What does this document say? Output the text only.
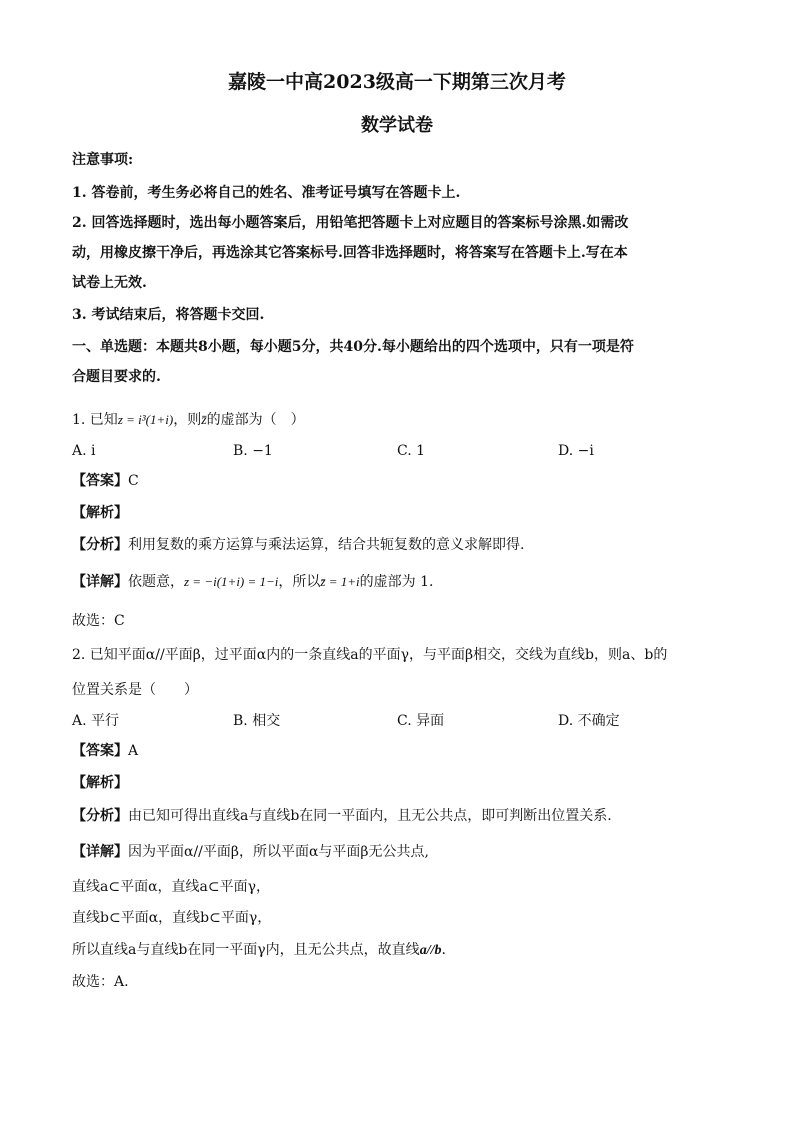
嘉陵一中高2023级高一下期第三次月考
数学试卷
注意事项:
1. 答卷前，考生务必将自己的姓名、准考证号填写在答题卡上.
2. 回答选择题时，选出每小题答案后，用铅笔把答题卡上对应题目的答案标号涂黑.如需改
动，用橡皮擦干净后，再选涂其它答案标号.回答非选择题时，将答案写在答题卡上.写在本
试卷上无效.
3. 考试结束后，将答题卡交回.
一、单选题：本题共8小题，每小题5分，共40分.每小题给出的四个选项中，只有一项是符
合题目要求的.
1. 已知z = i³(1+i)，则z̄的虚部为（　）
A. i	B. −1	C. 1	D. −i
【答案】C
【解析】
【分析】利用复数的乘方运算与乘法运算，结合共轭复数的意义求解即得.
【详解】依题意，z = −i(1+i) = 1−i，所以z̄ = 1+i的虚部为 1.
故选：C
2. 已知平面α//平面β，过平面α内的一条直线a的平面γ，与平面β相交，交线为直线b，则a、b的
位置关系是（　　）
A. 平行	B. 相交	C. 异面	D. 不确定
【答案】A
【解析】
【分析】由已知可得出直线a与直线b在同一平面内，且无公共点，即可判断出位置关系.
【详解】因为平面α//平面β，所以平面α与平面β无公共点,
直线a⊂平面α，直线a⊂平面γ，
直线b⊂平面α，直线b⊂平面γ，
所以直线a与直线b在同一平面γ内，且无公共点，故直线a//b.
故选：A.
